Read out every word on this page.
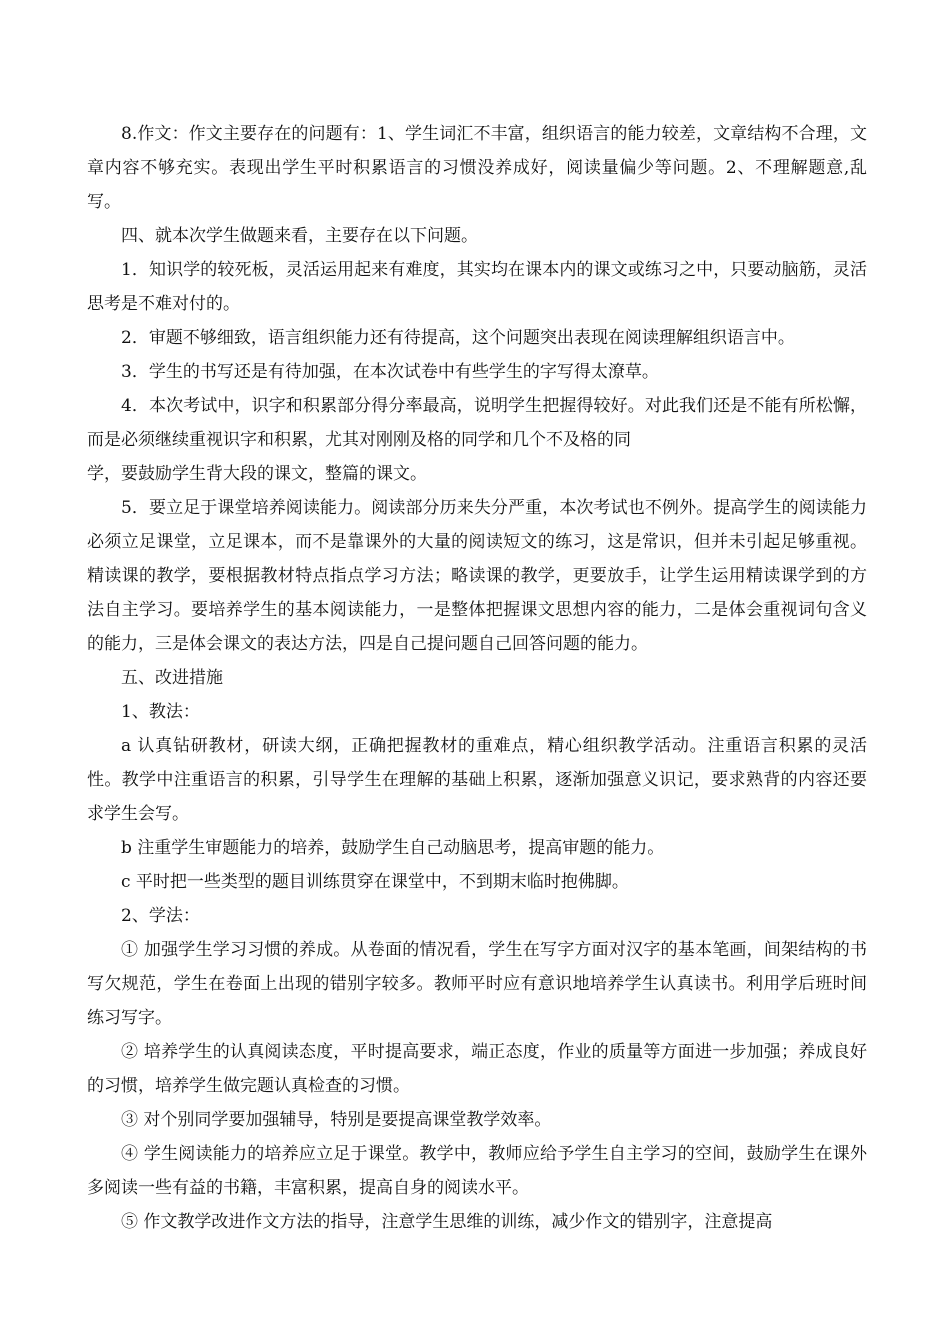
8.作文：作文主要存在的问题有：1、学生词汇不丰富，组织语言的能力较差，文章结构不合理，文章内容不够充实。表现出学生平时积累语言的习惯没养成好，阅读量偏少等问题。2、不理解题意,乱写。

四、就本次学生做题来看，主要存在以下问题。

1．知识学的较死板，灵活运用起来有难度，其实均在课本内的课文或练习之中，只要动脑筋，灵活思考是不难对付的。

2．审题不够细致，语言组织能力还有待提高，这个问题突出表现在阅读理解组织语言中。

3．学生的书写还是有待加强，在本次试卷中有些学生的字写得太潦草。

4．本次考试中，识字和积累部分得分率最高，说明学生把握得较好。对此我们还是不能有所松懈，而是必须继续重视识字和积累，尤其对刚刚及格的同学和几个不及格的同

学，要鼓励学生背大段的课文，整篇的课文。

5．要立足于课堂培养阅读能力。阅读部分历来失分严重，本次考试也不例外。提高学生的阅读能力必须立足课堂，立足课本，而不是靠课外的大量的阅读短文的练习，这是常识，但并未引起足够重视。精读课的教学，要根据教材特点指点学习方法；略读课的教学，更要放手，让学生运用精读课学到的方法自主学习。要培养学生的基本阅读能力，一是整体把握课文思想内容的能力，二是体会重视词句含义的能力，三是体会课文的表达方法，四是自己提问题自己回答问题的能力。

五、改进措施

1、教法：

a 认真钻研教材，研读大纲，正确把握教材的重难点，精心组织教学活动。注重语言积累的灵活性。教学中注重语言的积累，引导学生在理解的基础上积累，逐渐加强意义识记，要求熟背的内容还要求学生会写。

b 注重学生审题能力的培养，鼓励学生自己动脑思考，提高审题的能力。

c 平时把一些类型的题目训练贯穿在课堂中，不到期末临时抱佛脚。

2、学法：

① 加强学生学习习惯的养成。从卷面的情况看，学生在写字方面对汉字的基本笔画，间架结构的书写欠规范，学生在卷面上出现的错别字较多。教师平时应有意识地培养学生认真读书。利用学后班时间练习写字。

② 培养学生的认真阅读态度，平时提高要求，端正态度，作业的质量等方面进一步加强；养成良好的习惯，培养学生做完题认真检查的习惯。

③ 对个别同学要加强辅导，特别是要提高课堂教学效率。

④ 学生阅读能力的培养应立足于课堂。教学中，教师应给予学生自主学习的空间，鼓励学生在课外多阅读一些有益的书籍，丰富积累，提高自身的阅读水平。

⑤ 作文教学改进作文方法的指导，注意学生思维的训练，减少作文的错别字，注意提高
